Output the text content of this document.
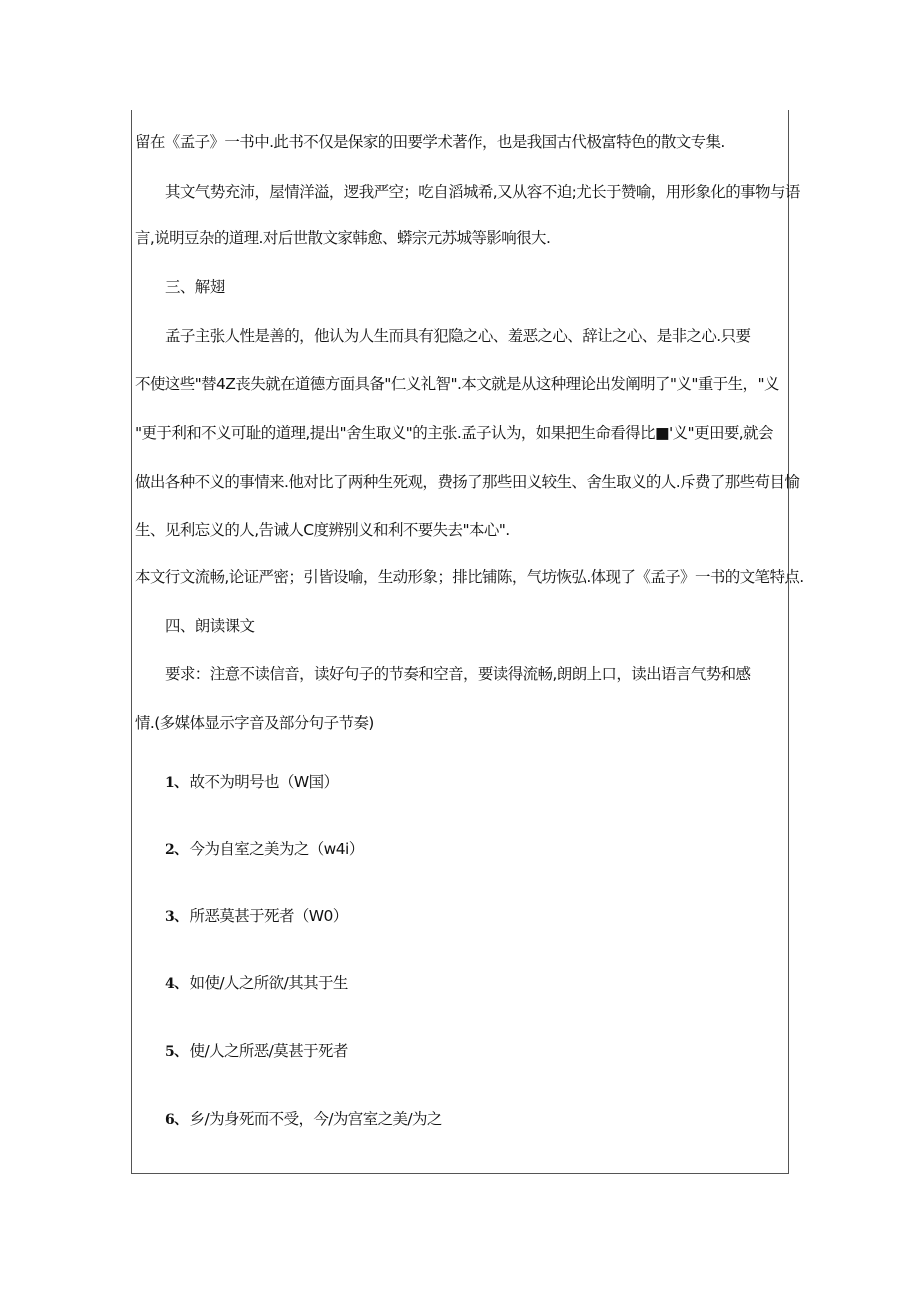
留在《孟子》一书中.此书不仅是保家的田要学术著作，也是我国古代极富特色的散文专集.
其文气势充沛，屋情洋溢，逻我严空；吃自滔城希,又从容不迫;尤长于赞喻，用形象化的事物与语
言,说明豆杂的道理.对后世散文家韩愈、蟒宗元苏城等影响很大.
三、解翅
孟子主张人性是善的，他认为人生而具有犯隐之心、羞恶之心、辞让之心、是非之心.只要
不使这些"替4Z丧失就在道德方面具备"仁义礼智".本文就是从这种理论出发阐明了"义"重于生，"义
"更于利和不义可耻的道理,提出"舍生取义"的主张.孟子认为，如果把生命看得比■'义"更田要,就会
做出各种不义的事情来.他对比了两种生死观，费扬了那些田义较生、舍生取义的人.斥费了那些苟目愉
生、见利忘义的人,告诫人C度辨别义和利不要失去"本心".
本文行文流畅,论证严密；引皆设喻，生动形象；排比铺陈，气坊恢弘.体现了《孟子》一书的文笔特点.
四、朗读课文
要求：注意不读信音，读好句子的节奏和空音，要读得流畅,朗朗上口，读出语言气势和感
情.(多媒体显示字音及部分句子节奏)
1、 故不为明号也（W国）
2、 今为自室之美为之（w4i）
3、 所恶莫甚于死者（W0）
4、 如使/人之所欲/其其于生
5、 使/人之所恶/莫甚于死者
6、 乡/为身死而不受，今/为宫室之美/为之
